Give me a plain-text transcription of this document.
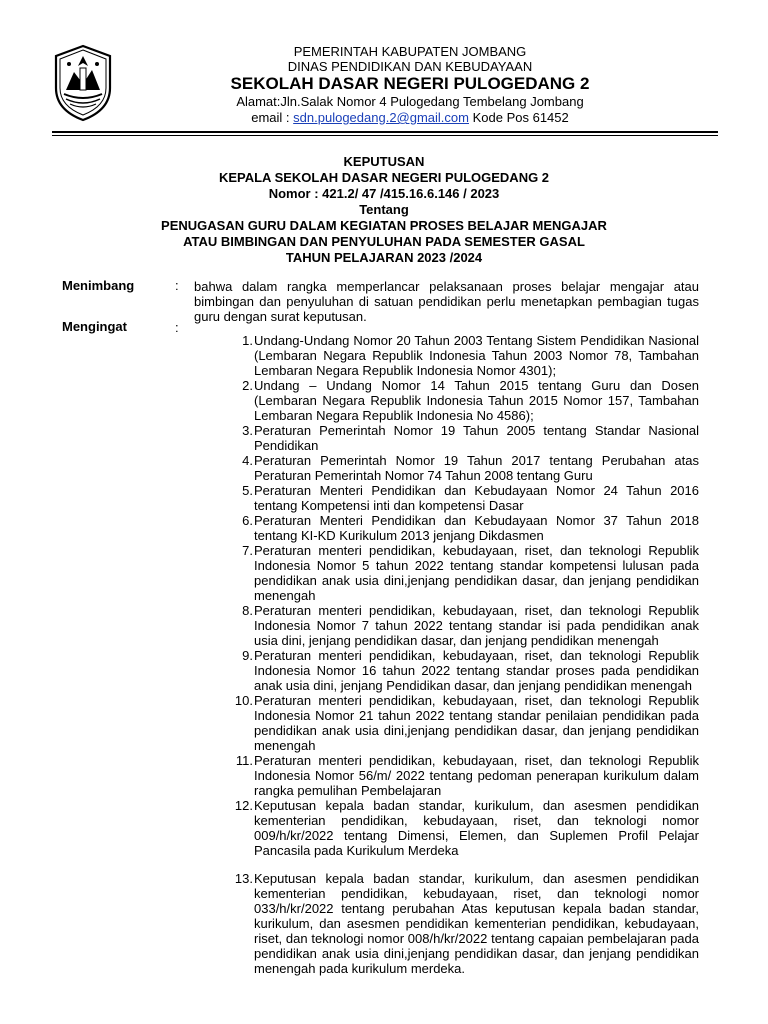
PEMERINTAH KABUPATEN JOMBANG
DINAS PENDIDIKAN DAN KEBUDAYAAN
SEKOLAH DASAR NEGERI PULOGEDANG 2
Alamat:Jln.Salak Nomor 4 Pulogedang Tembelang Jombang
email : sdn.pulogedang.2@gmail.com Kode Pos 61452
KEPUTUSAN
KEPALA SEKOLAH DASAR NEGERI PULOGEDANG 2
Nomor : 421.2/ 47 /415.16.6.146 / 2023
Tentang
PENUGASAN GURU DALAM KEGIATAN PROSES BELAJAR MENGAJAR
ATAU BIMBINGAN DAN PENYULUHAN PADA SEMESTER GASAL
TAHUN PELAJARAN 2023 /2024
Menimbang	: bahwa dalam rangka memperlancar pelaksanaan proses belajar mengajar atau bimbingan dan penyuluhan di satuan pendidikan perlu menetapkan pembagian tugas guru dengan surat keputusan.
Mengingat	:
1. Undang-Undang Nomor 20 Tahun 2003 Tentang Sistem Pendidikan Nasional (Lembaran Negara Republik Indonesia Tahun 2003 Nomor 78, Tambahan Lembaran Negara Republik Indonesia Nomor 4301);
2. Undang – Undang Nomor 14 Tahun 2015 tentang Guru dan Dosen (Lembaran Negara Republik Indonesia Tahun 2015 Nomor 157, Tambahan Lembaran Negara Republik Indonesia No 4586);
3. Peraturan Pemerintah Nomor 19 Tahun 2005 tentang Standar Nasional Pendidikan
4. Peraturan Pemerintah Nomor 19 Tahun 2017 tentang Perubahan atas Peraturan Pemerintah Nomor 74 Tahun 2008 tentang Guru
5. Peraturan Menteri Pendidikan dan Kebudayaan Nomor 24 Tahun 2016 tentang Kompetensi inti dan kompetensi Dasar
6. Peraturan Menteri Pendidikan dan Kebudayaan Nomor 37 Tahun 2018 tentang KI-KD Kurikulum 2013 jenjang Dikdasmen
7. Peraturan menteri pendidikan, kebudayaan, riset, dan teknologi Republik Indonesia Nomor 5 tahun 2022 tentang standar kompetensi lulusan pada pendidikan anak usia dini,jenjang pendidikan dasar, dan jenjang pendidikan menengah
8. Peraturan menteri pendidikan, kebudayaan, riset, dan teknologi Republik Indonesia Nomor 7 tahun 2022 tentang standar isi pada pendidikan anak usia dini, jenjang pendidikan dasar, dan jenjang pendidikan menengah
9. Peraturan menteri pendidikan, kebudayaan, riset, dan teknologi Republik Indonesia Nomor 16 tahun 2022 tentang standar proses pada pendidikan anak usia dini, jenjang Pendidikan dasar, dan jenjang pendidikan menengah
10. Peraturan menteri pendidikan, kebudayaan, riset, dan teknologi Republik Indonesia Nomor 21 tahun 2022 tentang standar penilaian pendidikan pada pendidikan anak usia dini,jenjang pendidikan dasar, dan jenjang pendidikan menengah
11. Peraturan menteri pendidikan, kebudayaan, riset, dan teknologi Republik Indonesia Nomor 56/m/ 2022 tentang pedoman penerapan kurikulum dalam rangka pemulihan Pembelajaran
12. Keputusan kepala badan standar, kurikulum, dan asesmen pendidikan kementerian pendidikan, kebudayaan, riset, dan teknologi nomor 009/h/kr/2022 tentang Dimensi, Elemen, dan Suplemen Profil Pelajar Pancasila pada Kurikulum Merdeka
13. Keputusan kepala badan standar, kurikulum, dan asesmen pendidikan kementerian pendidikan, kebudayaan, riset, dan teknologi nomor 033/h/kr/2022 tentang perubahan Atas keputusan kepala badan standar, kurikulum, dan asesmen pendidikan kementerian pendidikan, kebudayaan, riset, dan teknologi nomor 008/h/kr/2022 tentang capaian pembelajaran pada pendidikan anak usia dini,jenjang pendidikan dasar, dan jenjang pendidikan menengah pada kurikulum merdeka.
